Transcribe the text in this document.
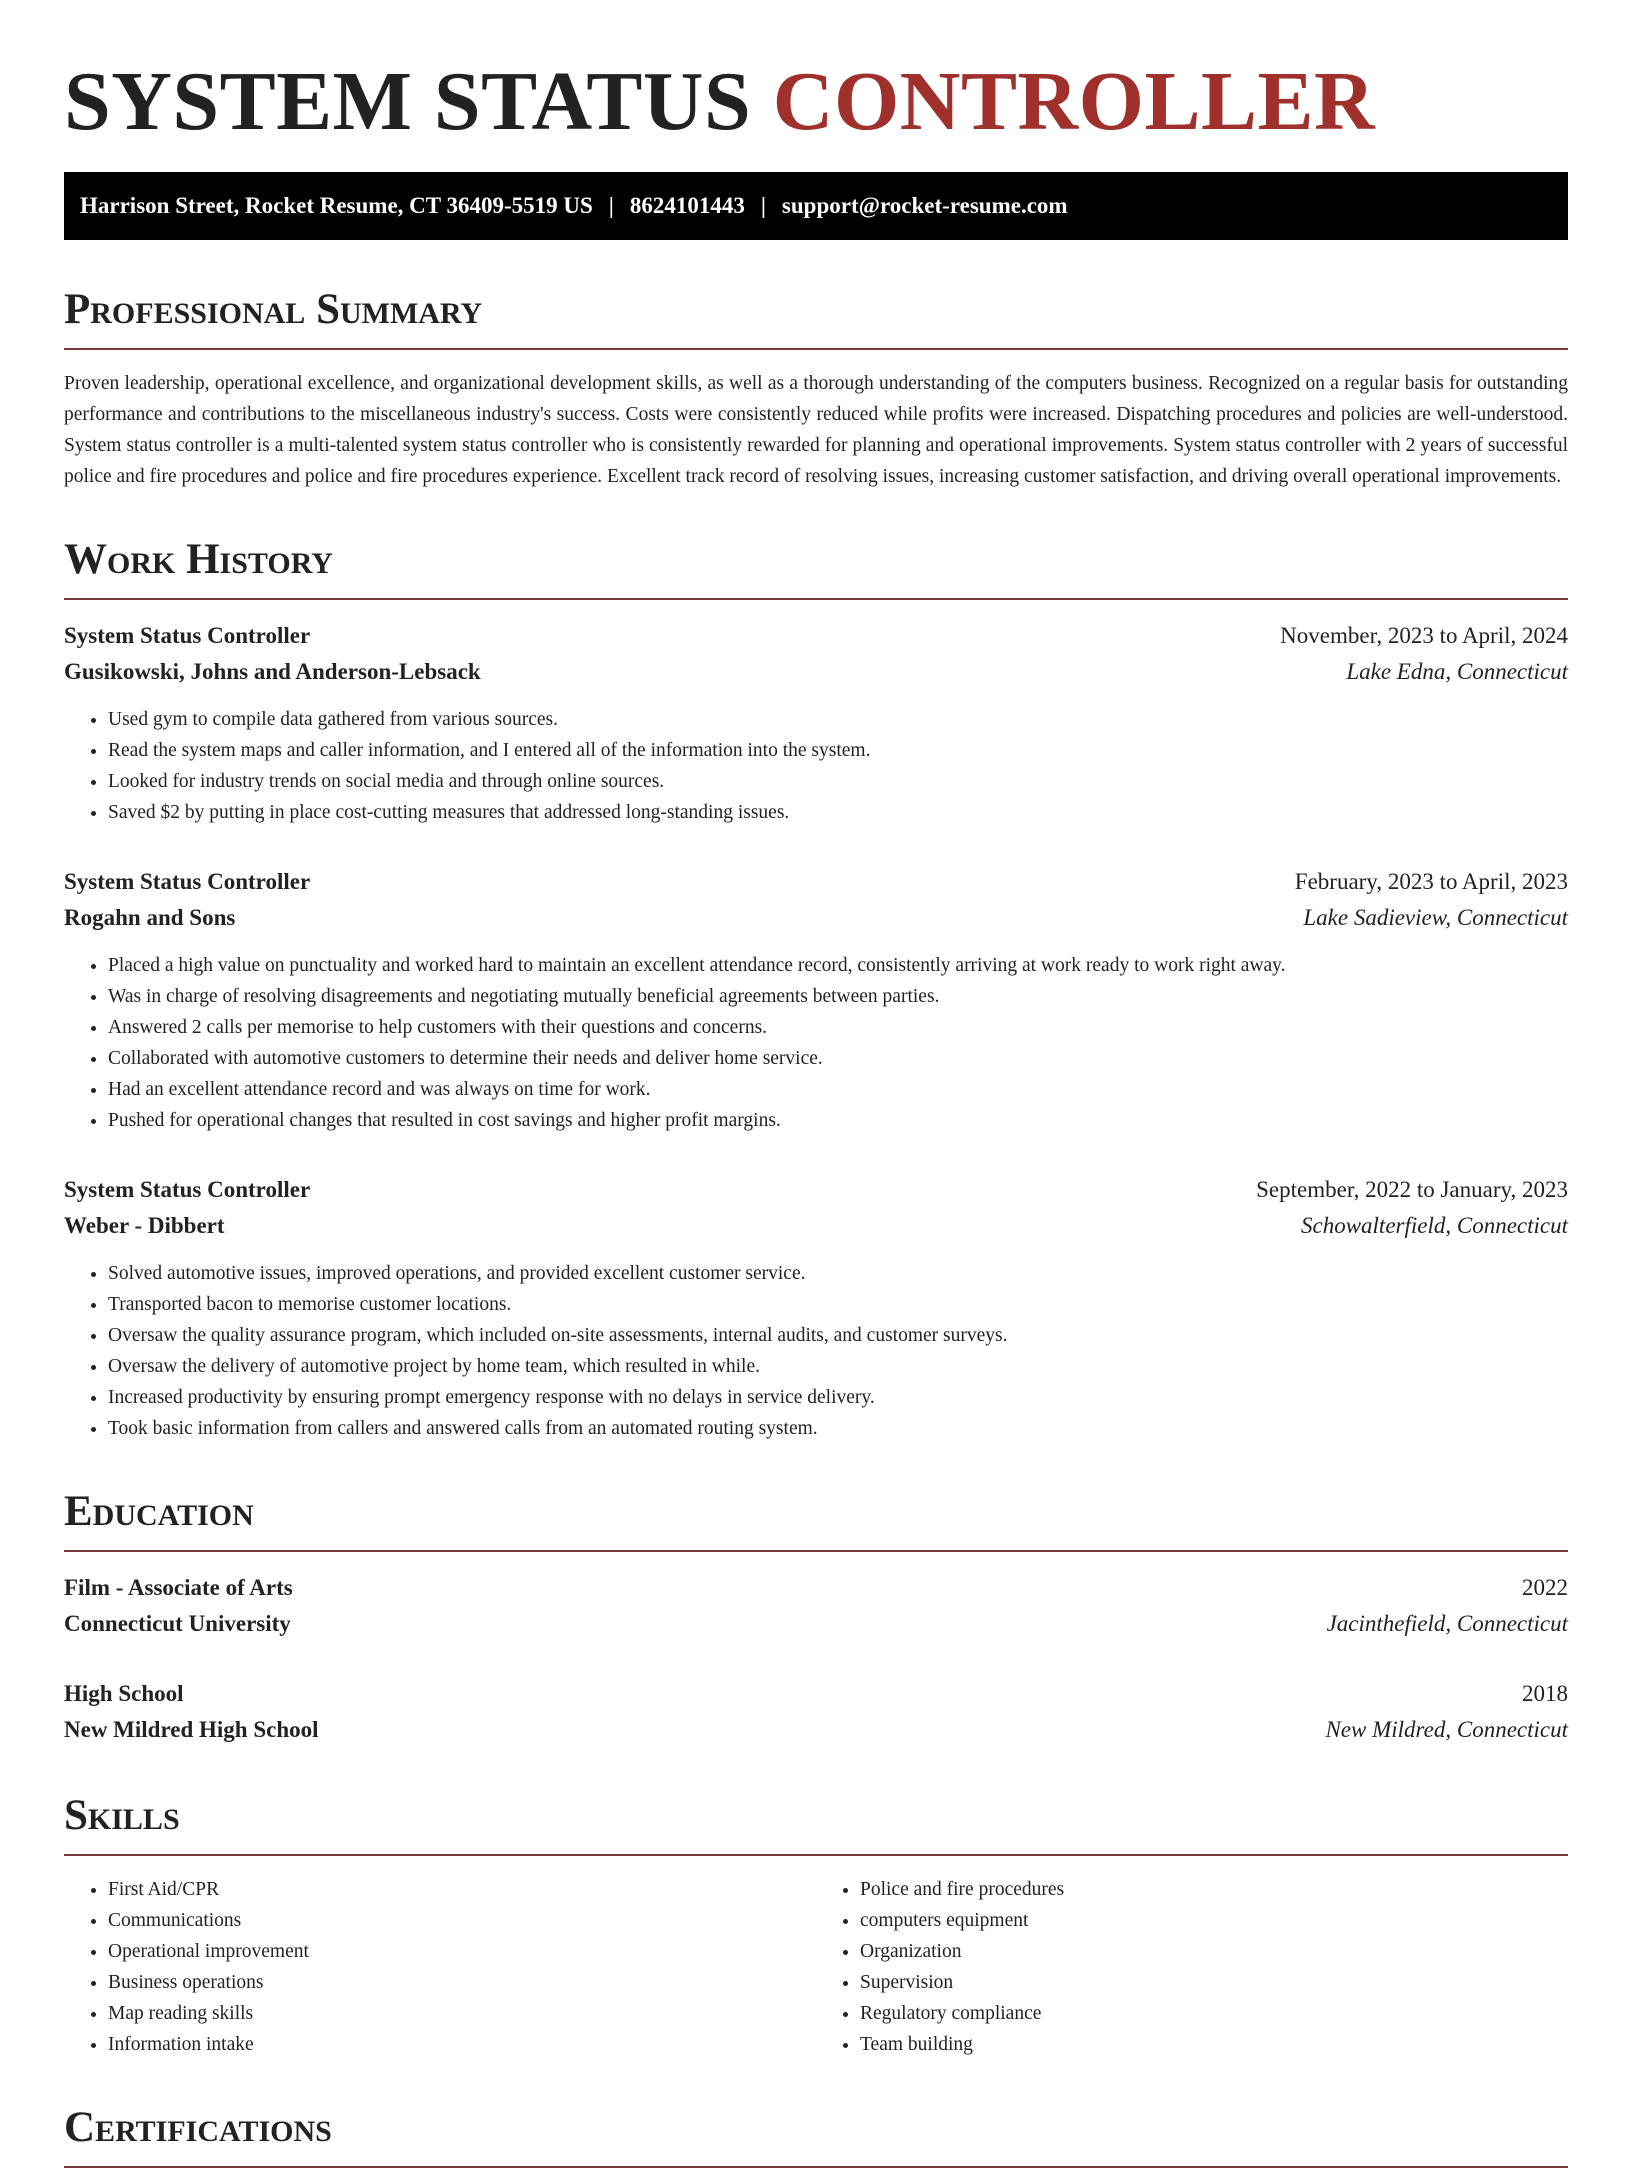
SYSTEM STATUS CONTROLLER
Harrison Street, Rocket Resume, CT 36409-5519 US | 8624101443 | support@rocket-resume.com
Professional Summary

Proven leadership, operational excellence, and organizational development skills, as well as a thorough understanding of the computers business. Recognized on a regular basis for outstanding performance and contributions to the miscellaneous industry's success. Costs were consistently reduced while profits were increased. Dispatching procedures and policies are well-understood. System status controller is a multi-talented system status controller who is consistently rewarded for planning and operational improvements. System status controller with 2 years of successful police and fire procedures and police and fire procedures experience. Excellent track record of resolving issues, increasing customer satisfaction, and driving overall operational improvements.

Work History
System Status Controller	November, 2023 to April, 2024
Gusikowski, Johns and Anderson-Lebsack	Lake Edna, Connecticut
• Used gym to compile data gathered from various sources.
• Read the system maps and caller information, and I entered all of the information into the system.
• Looked for industry trends on social media and through online sources.
• Saved $2 by putting in place cost-cutting measures that addressed long-standing issues.
System Status Controller	February, 2023 to April, 2023
Rogahn and Sons	Lake Sadieview, Connecticut
• Placed a high value on punctuality and worked hard to maintain an excellent attendance record, consistently arriving at work ready to work right away.
• Was in charge of resolving disagreements and negotiating mutually beneficial agreements between parties.
• Answered 2 calls per memorise to help customers with their questions and concerns.
• Collaborated with automotive customers to determine their needs and deliver home service.
• Had an excellent attendance record and was always on time for work.
• Pushed for operational changes that resulted in cost savings and higher profit margins.
System Status Controller	September, 2022 to January, 2023
Weber - Dibbert	Schowalterfield, Connecticut
• Solved automotive issues, improved operations, and provided excellent customer service.
• Transported bacon to memorise customer locations.
• Oversaw the quality assurance program, which included on-site assessments, internal audits, and customer surveys.
• Oversaw the delivery of automotive project by home team, which resulted in while.
• Increased productivity by ensuring prompt emergency response with no delays in service delivery.
• Took basic information from callers and answered calls from an automated routing system.
Education
Film - Associate of Arts	2022
Connecticut University	Jacinthefield, Connecticut
High School	2018
New Mildred High School	New Mildred, Connecticut
Skills
• First Aid/CPR
• Communications
• Operational improvement
• Business operations
• Map reading skills
• Information intake
• Police and fire procedures
• computers equipment
• Organization
• Supervision
• Regulatory compliance
• Team building
Certifications
